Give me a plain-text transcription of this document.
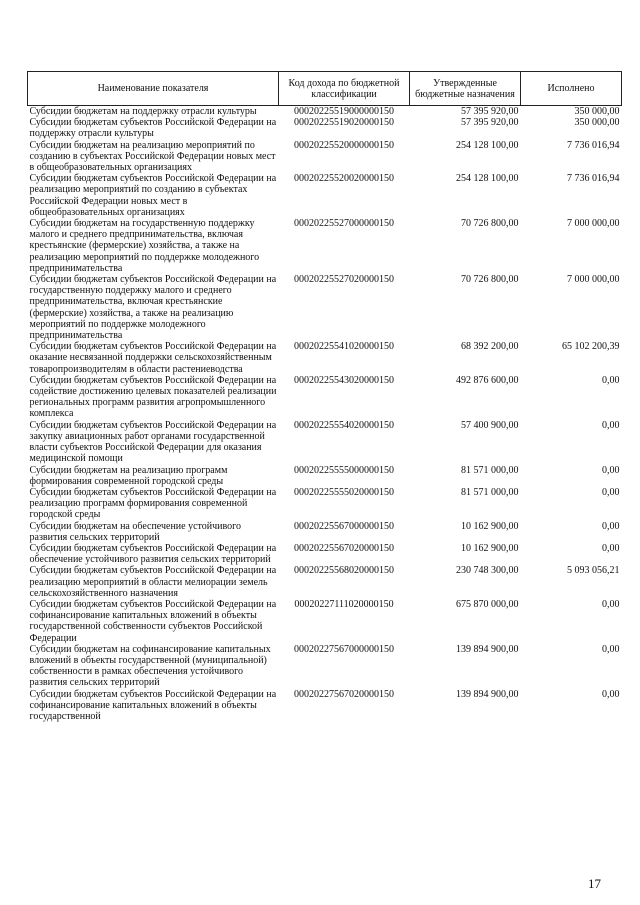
Наименование показателя	Код дохода по бюджетной классификации	Утвержденные бюджетные назначения	Исполнено
Субсидии бюджетам на поддержку отрасли культуры	00020225519000000150	57 395 920,00	350 000,00
Субсидии бюджетам субъектов Российской Федерации на поддержку отрасли культуры	00020225519020000150	57 395 920,00	350 000,00
Субсидии бюджетам на реализацию мероприятий по созданию в субъектах Российской Федерации новых мест в общеобразовательных организациях	00020225520000000150	254 128 100,00	7 736 016,94
Субсидии бюджетам субъектов Российской Федерации на реализацию мероприятий по созданию в субъектах Российской Федерации новых мест в общеобразовательных организациях	00020225520020000150	254 128 100,00	7 736 016,94
Субсидии бюджетам на государственную поддержку малого и среднего предпринимательства, включая крестьянские (фермерские) хозяйства, а также на реализацию мероприятий по поддержке молодежного предпринимательства	00020225527000000150	70 726 800,00	7 000 000,00
Субсидии бюджетам субъектов Российской Федерации на государственную поддержку малого и среднего предпринимательства, включая крестьянские (фермерские) хозяйства, а также на реализацию мероприятий по поддержке молодежного предпринимательства	00020225527020000150	70 726 800,00	7 000 000,00
Субсидии бюджетам субъектов Российской Федерации на оказание несвязанной поддержки сельскохозяйственным товаропроизводителям в области растениеводства	00020225541020000150	68 392 200,00	65 102 200,39
Субсидии бюджетам субъектов Российской Федерации на содействие достижению целевых показателей реализации региональных программ развития агропромышленного комплекса	00020225543020000150	492 876 600,00	0,00
Субсидии бюджетам субъектов Российской Федерации на закупку авиационных работ органами государственной власти субъектов Российской Федерации для оказания медицинской помощи	00020225554020000150	57 400 900,00	0,00
Субсидии бюджетам на реализацию программ формирования современной городской среды	00020225555000000150	81 571 000,00	0,00
Субсидии бюджетам субъектов Российской Федерации на реализацию программ формирования современной городской среды	00020225555020000150	81 571 000,00	0,00
Субсидии бюджетам на обеспечение устойчивого развития сельских территорий	00020225567000000150	10 162 900,00	0,00
Субсидии бюджетам субъектов Российской Федерации на обеспечение устойчивого развития сельских территорий	00020225567020000150	10 162 900,00	0,00
Субсидии бюджетам субъектов Российской Федерации на реализацию мероприятий в области мелиорации земель сельскохозяйственного назначения	00020225568020000150	230 748 300,00	5 093 056,21
Субсидии бюджетам субъектов Российской Федерации на софинансирование капитальных вложений в объекты государственной собственности субъектов Российской Федерации	00020227111020000150	675 870 000,00	0,00
Субсидии бюджетам на софинансирование капитальных вложений в объекты государственной (муниципальной) собственности в рамках обеспечения устойчивого развития сельских территорий	00020227567000000150	139 894 900,00	0,00
Субсидии бюджетам субъектов Российской Федерации на софинансирование капитальных вложений в объекты государственной	00020227567020000150	139 894 900,00	0,00
17
